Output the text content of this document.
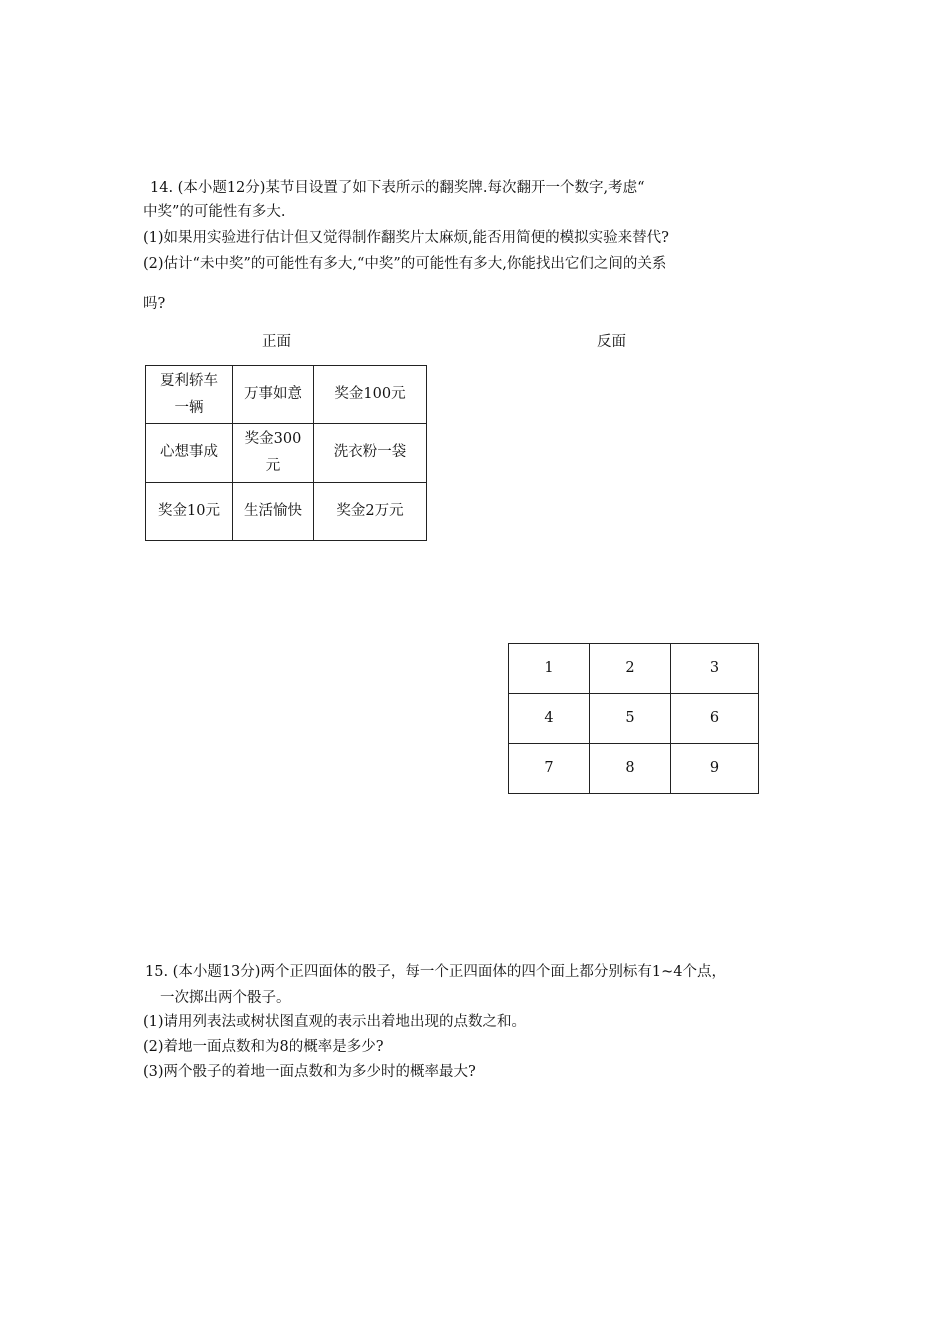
14. (本小题12分)某节目设置了如下表所示的翻奖牌.每次翻开一个数字,考虑“
中奖”的可能性有多大.
(1)如果用实验进行估计但又觉得制作翻奖片太麻烦,能否用简便的模拟实验来替代?
(2)估计“未中奖”的可能性有多大,“中奖”的可能性有多大,你能找出它们之间的关系
吗?
正面	反面
夏利轿车一辆	万事如意	奖金100元
心想事成	奖金300元	洗衣粉一袋

奖金10元	生活愉快	奖金2万元
1	2	3
4	5	6
7	8	9
15. (本小题13分)两个正四面体的骰子，每一个正四面体的四个面上都分别标有1~4个点，
一次掷出两个骰子。
(1)请用列表法或树状图直观的表示出着地出现的点数之和。
(2)着地一面点数和为8的概率是多少?
(3)两个骰子的着地一面点数和为多少时的概率最大?
